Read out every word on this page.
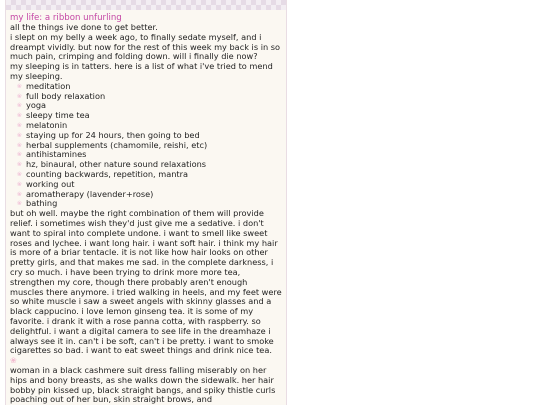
my life: a ribbon unfurling

all the things ive done to get better.

i slept on my belly a week ago, to finally sedate myself, and i dreampt vividly. but now for the rest of this week my back is in so much pain, crimping and folding down. will i finally die now?

my sleeping is in tatters. here is a list of what i've tried to mend my sleeping.

❀ meditation
❀ full body relaxation
❀ yoga
❀ sleepy time tea
❀ melatonin
❀ staying up for 24 hours, then going to bed
❀ herbal supplements (chamomile, reishi, etc)
❀ antihistamines
❀ hz, binaural, other nature sound relaxations
❀ counting backwards, repetition, mantra
❀ working out
❀ aromatherapy (lavender+rose)
❀ bathing

but oh well. maybe the right combination of them will provide relief. i sometimes wish they'd just give me a sedative. i don't want to spiral into complete undone. i want to smell like sweet roses and lychee. i want long hair. i want soft hair. i think my hair is more of a briar tentacle. it is not like how hair looks on other pretty girls, and that makes me sad. in the complete darkness, i cry so much. i have been trying to drink more more tea, strengthen my core, though there probably aren't enough muscles there anymore. i tried walking in heels, and my feet were so white muscle i saw a sweet angels with skinny glasses and a black cappucino. i love lemon ginseng tea. it is some of my favorite. i drank it with a rose panna cotta, with raspberry. so delightful. i want a digital camera to see life in the dreamhaze i always see it in. can't i be soft, can't i be pretty. i want to smoke cigarettes so bad. i want to eat sweet things and drink nice tea.

❀

woman in a black cashmere suit dress falling miserably on her hips and bony breasts, as she walks down the sidewalk. her hair bobby pin kissed up, black straight bangs, and spiky thistle curls poaching out of her bun, skin straight brows, and
